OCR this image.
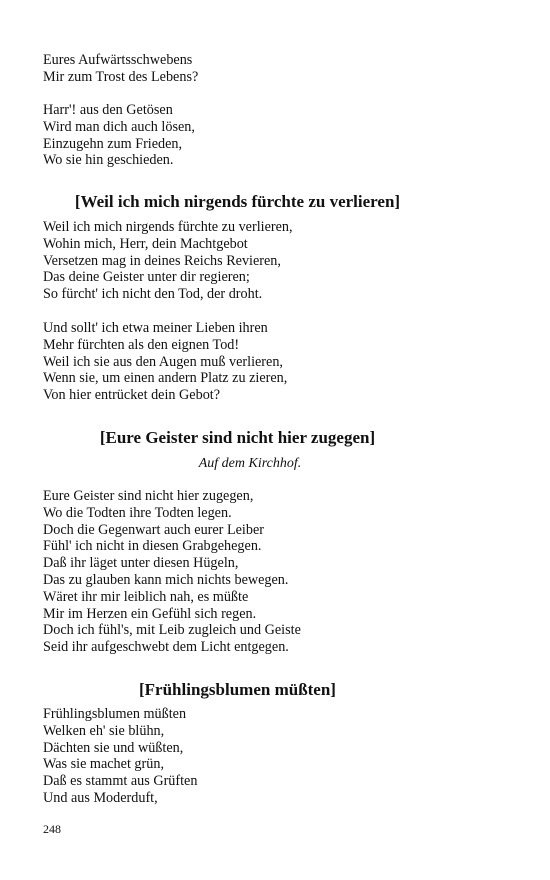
Eures Aufwärtsschwebens
Mir zum Trost des Lebens?
Harr'! aus den Getösen
Wird man dich auch lösen,
Einzugehn zum Frieden,
Wo sie hin geschieden.
[Weil ich mich nirgends fürchte zu verlieren]
Weil ich mich nirgends fürchte zu verlieren,
Wohin mich, Herr, dein Machtgebot
Versetzen mag in deines Reichs Revieren,
Das deine Geister unter dir regieren;
So fürcht' ich nicht den Tod, der droht.
Und sollt' ich etwa meiner Lieben ihren
Mehr fürchten als den eignen Tod!
Weil ich sie aus den Augen muß verlieren,
Wenn sie, um einen andern Platz zu zieren,
Von hier entrücket dein Gebot?
[Eure Geister sind nicht hier zugegen]

Auf dem Kirchhof.

Eure Geister sind nicht hier zugegen,
Wo die Todten ihre Todten legen.
Doch die Gegenwart auch eurer Leiber
Fühl' ich nicht in diesen Grabgehegen.
Daß ihr läget unter diesen Hügeln,
Das zu glauben kann mich nichts bewegen.
Wäret ihr mir leiblich nah, es müßte
Mir im Herzen ein Gefühl sich regen.
Doch ich fühl's, mit Leib zugleich und Geiste
Seid ihr aufgeschwebt dem Licht entgegen.
[Frühlingsblumen müßten]
Frühlingsblumen müßten
Welken eh' sie blühn,
Dächten sie und wüßten,
Was sie machet grün,
Daß es stammt aus Grüften
Und aus Moderduft,
248
